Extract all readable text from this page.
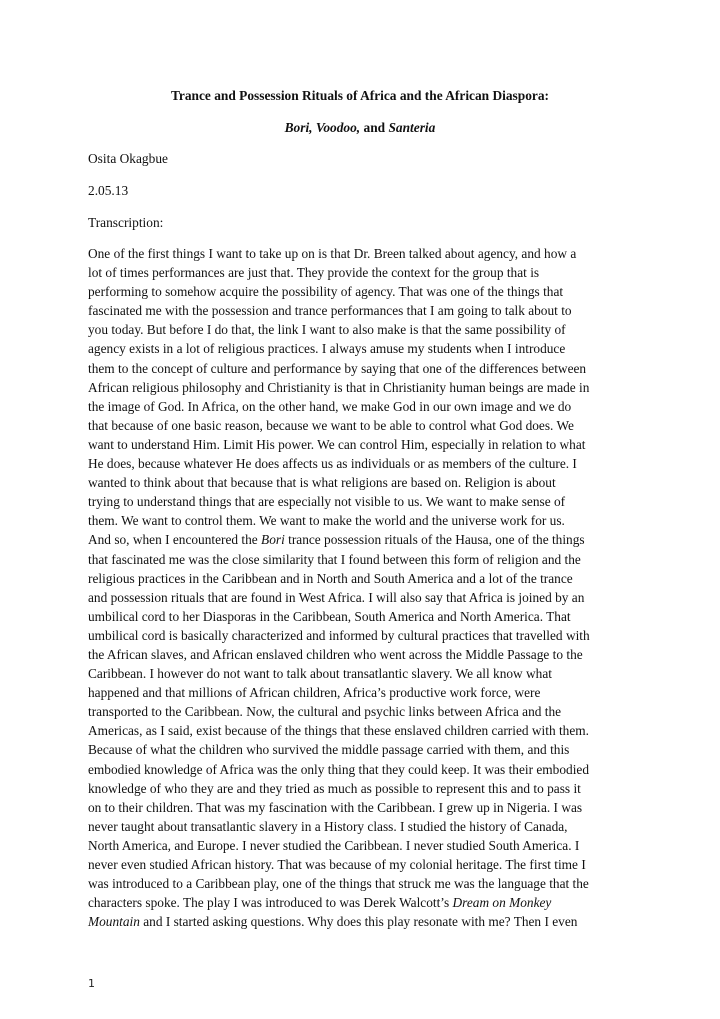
Trance and Possession Rituals of Africa and the African Diaspora:
Bori, Voodoo, and Santeria
Osita Okagbue
2.05.13
Transcription:
One of the first things I want to take up on is that Dr. Breen talked about agency, and how a
lot of times performances are just that. They provide the context for the group that is
performing to somehow acquire the possibility of agency. That was one of the things that
fascinated me with the possession and trance performances that I am going to talk about to
you today. But before I do that, the link I want to also make is that the same possibility of
agency exists in a lot of religious practices. I always amuse my students when I introduce
them to the concept of culture and performance by saying that one of the differences between
African religious philosophy and Christianity is that in Christianity human beings are made in
the image of God. In Africa, on the other hand, we make God in our own image and we do
that because of one basic reason, because we want to be able to control what God does. We
want to understand Him. Limit His power. We can control Him, especially in relation to what
He does, because whatever He does affects us as individuals or as members of the culture. I
wanted to think about that because that is what religions are based on. Religion is about
trying to understand things that are especially not visible to us. We want to make sense of
them. We want to control them. We want to make the world and the universe work for us.
And so, when I encountered the Bori trance possession rituals of the Hausa, one of the things
that fascinated me was the close similarity that I found between this form of religion and the
religious practices in the Caribbean and in North and South America and a lot of the trance
and possession rituals that are found in West Africa. I will also say that Africa is joined by an
umbilical cord to her Diasporas in the Caribbean, South America and North America. That
umbilical cord is basically characterized and informed by cultural practices that travelled with
the African slaves, and African enslaved children who went across the Middle Passage to the
Caribbean. I however do not want to talk about transatlantic slavery. We all know what
happened and that millions of African children, Africa’s productive work force, were
transported to the Caribbean. Now, the cultural and psychic links between Africa and the
Americas, as I said, exist because of the things that these enslaved children carried with them.
Because of what the children who survived the middle passage carried with them, and this
embodied knowledge of Africa was the only thing that they could keep. It was their embodied
knowledge of who they are and they tried as much as possible to represent this and to pass it
on to their children. That was my fascination with the Caribbean. I grew up in Nigeria. I was
never taught about transatlantic slavery in a History class. I studied the history of Canada,
North America, and Europe. I never studied the Caribbean. I never studied South America. I
never even studied African history. That was because of my colonial heritage. The first time I
was introduced to a Caribbean play, one of the things that struck me was the language that the
characters spoke. The play I was introduced to was Derek Walcott’s Dream on Monkey
Mountain and I started asking questions. Why does this play resonate with me? Then I even
1
